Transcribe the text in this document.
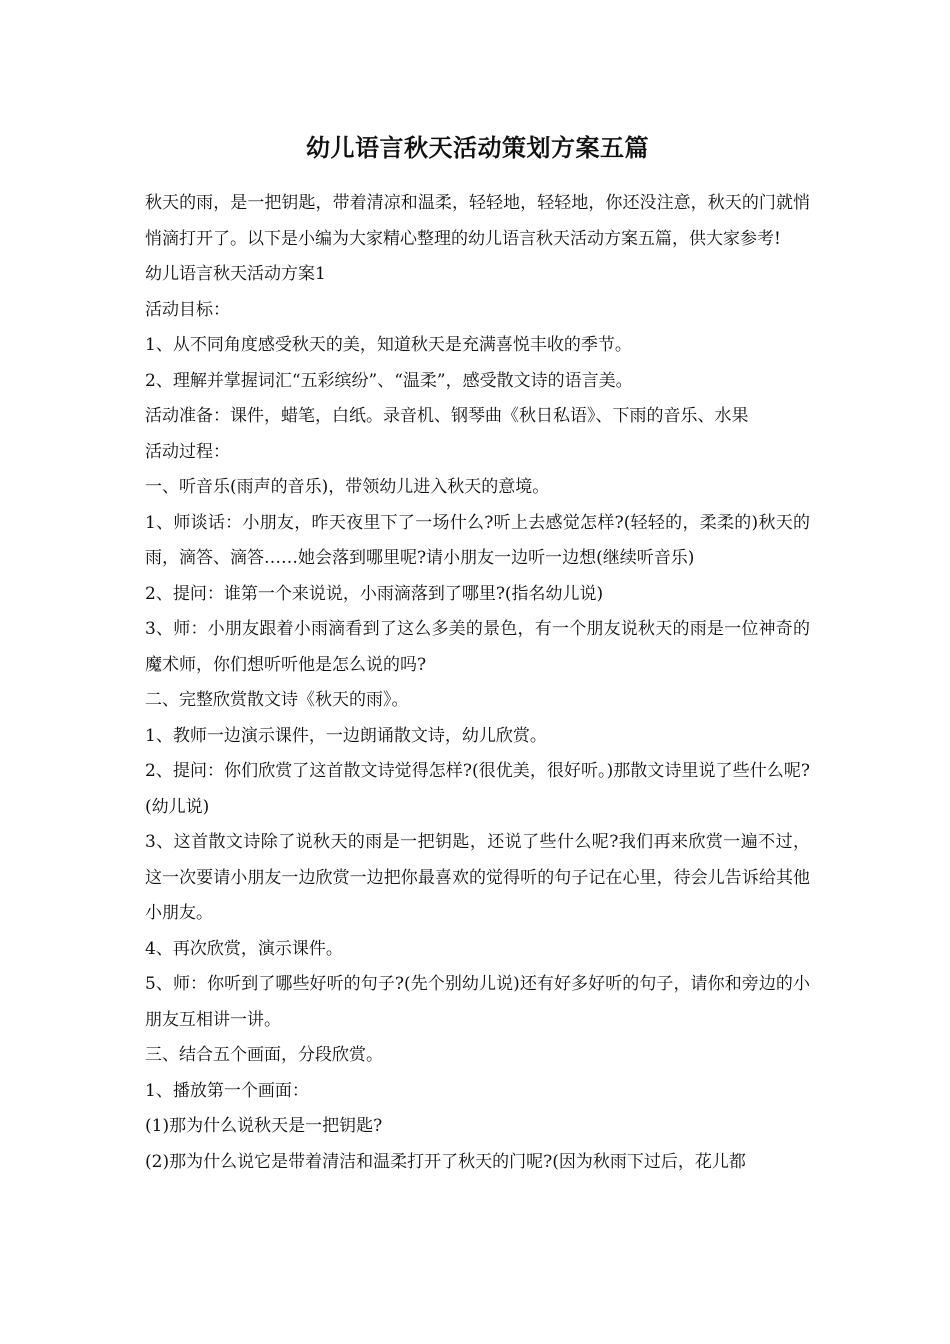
幼儿语言秋天活动策划方案五篇

秋天的雨，是一把钥匙，带着清凉和温柔，轻轻地，轻轻地，你还没注意，秋天的门就悄悄滴打开了。以下是小编为大家精心整理的幼儿语言秋天活动方案五篇，供大家参考!

幼儿语言秋天活动方案1

活动目标：

1、从不同角度感受秋天的美，知道秋天是充满喜悦丰收的季节。

2、理解并掌握词汇“五彩缤纷”、“温柔”，感受散文诗的语言美。

活动准备：课件，蜡笔，白纸。录音机、钢琴曲《秋日私语》、下雨的音乐、水果

活动过程：

一、听音乐(雨声的音乐)，带领幼儿进入秋天的意境。

1、师谈话：小朋友，昨天夜里下了一场什么?听上去感觉怎样?(轻轻的，柔柔的)秋天的雨，滴答、滴答……她会落到哪里呢?请小朋友一边听一边想(继续听音乐)

2、提问：谁第一个来说说，小雨滴落到了哪里?(指名幼儿说)

3、师：小朋友跟着小雨滴看到了这么多美的景色，有一个朋友说秋天的雨是一位神奇的魔术师，你们想听听他是怎么说的吗?

二、完整欣赏散文诗《秋天的雨》。

1、教师一边演示课件，一边朗诵散文诗，幼儿欣赏。

2、提问：你们欣赏了这首散文诗觉得怎样?(很优美，很好听。)那散文诗里说了些什么呢?(幼儿说)

3、这首散文诗除了说秋天的雨是一把钥匙，还说了些什么呢?我们再来欣赏一遍不过，这一次要请小朋友一边欣赏一边把你最喜欢的觉得听的句子记在心里，待会儿告诉给其他小朋友。

4、再次欣赏，演示课件。

5、师：你听到了哪些好听的句子?(先个别幼儿说)还有好多好听的句子，请你和旁边的小朋友互相讲一讲。

三、结合五个画面，分段欣赏。

1、播放第一个画面：

(1)那为什么说秋天是一把钥匙?

(2)那为什么说它是带着清洁和温柔打开了秋天的门呢?(因为秋雨下过后，花儿都
